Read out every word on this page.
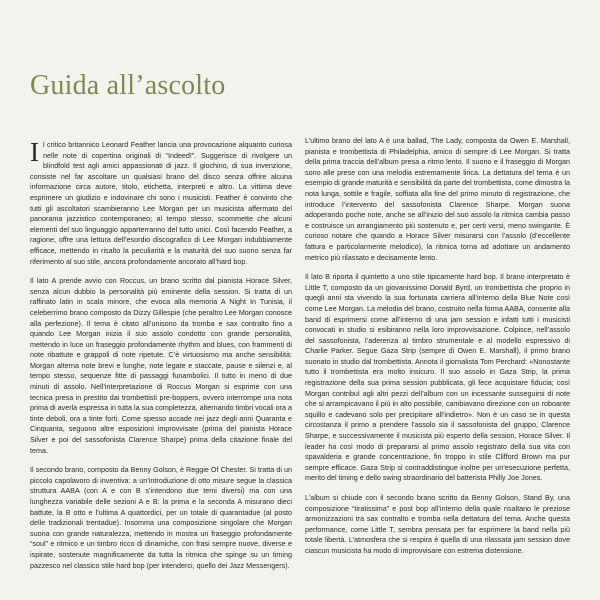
Guida all’ascolto

Il critico britannico Leonard Feather lancia una provocazione alquanto curiosa nelle note di copertina originali di “Indeed!”. Suggerisce di rivolgere un blindfold test agli amici appassionati di jazz. Il giochino, di sua invenzione, consiste nel far ascoltare un qualsiasi brano del disco senza offrire alcuna informazione circa autore, titolo, etichetta, interpreti e altro. La vittima deve esprimere un giudizio e indovinare chi sono i musicisti. Feather è convinto che tutti gli ascoltatori scambieranno Lee Morgan per un musicista affermato del panorama jazzistico contemporaneo; al tempo stesso, scommette che alcuni elementi del suo linguaggio apparterranno del tutto unici. Così facendo Feather, a ragione, offre una lettura dell’esordio discografico di Lee Morgan indubbiamente efficace, mettendo in risalto la peculiarità e la maturità del suo suono senza far riferimento al suo stile, ancora profondamente ancorato all’hard bop.

Il lato A prende avvio con Roccus, un brano scritto dal pianista Horace Silver, senza alcun dubbio la personalità più eminente della session. Si tratta di un raffinato latin in scala minore, che evoca alla memoria A Night In Tunisia, il celeberrimo brano composto da Dizzy Gillespie (che peraltro Lee Morgan conosce alla perfezione). Il tema è citato all’unisono da tromba e sax contralto fino a quando Lee Morgan inizia il suo assolo condotto con grande personalità, mettendo in luce un fraseggio profondamente rhythm and blues, con frammenti di note ribattute e grappoli di note ripetute. C’è virtuosismo ma anche sensibilità: Morgan alterna note brevi e lunghe, note legate e staccate, pause e silenzi e, al tempo stesso, sequenze fitte di passaggi funambolici. Il tutto in meno di due minuti di assolo. Nell’interpretazione di Roccus Morgan si esprime con una tecnica presa in prestito dai trombettisti pre-boppers, ovvero interrompe una nota prima di averla espressa in tutta la sua completezza, alternando timbri vocali ora a tinte deboli, ora a tinte forti. Come spesso accade nei jazz degli anni Quaranta e Cinquanta, seguono altre esposizioni improvvisate (prima del pianista Horace Silver e poi del sassofonista Clarence Sharpe) prima della citazione finale del tema.

Il secondo brano, composto da Benny Golson, è Reggie Of Chester. Si tratta di un piccolo capolavoro di inventiva: a un’introduzione di otto misure segue la classica struttura AABA (con A e con B s’intendono due temi diversi) ma con una lunghezza variabile delle sezioni A e B: la prima e la seconda A misurano dieci battute, la B otto e l’ultima A quattordici, per un totale di quarantadue (al posto delle tradizionali trentadue). Insomma una composizione singolare che Morgan suona con grande naturalezza, mettendo in mostra un fraseggio profondamente “soul” e ritmico e un timbro ricco di dinamiche, con frasi sempre nuove, diverse e ispirate, sostenute magnificamente da tutta la ritmica che spinge su un timing pazzesco nel classico stile hard bop (per intenderci, quello dei Jazz Messengers).

L’ultimo brano del lato A è una ballad, The Lady, composta da Owen E. Marshall, pianista e trombettista di Philadelphia, amico di sempre di Lee Morgan. Si tratta della prima traccia dell’album presa a ritmo lento. Il suono e il fraseggio di Morgan sono alle prese con una melodia estremamente lirica. La dettatura del tema è un esempio di grande maturità e sensibilità da parte del trombettista, come dimostra la nota lunga, sottile e fragile, soffiata alla fine del primo minuto di registrazione, che introduce l’intervento del sassofonista Clarence Sharpe. Morgan suona adoperando poche note, anche se all’inizio del suo assolo la ritmica cambia passo e costruisce un arrangiamento più sostenuto e, per certi versi, meno swingante. È curioso notare che quando a Horace Silver misurarsi con l’assolo (d’eccellente fattura e particolarmente melodico), la ritmica torna ad adottare un andamento metrico più rilassato e decisamente lento.

Il lato B riporta il quintetto a uno stile tipicamente hard bop. Il brano interpretato è Little T, composto da un giovanissimo Donald Byrd, un trombettista che proprio in quegli anni sta vivendo la sua fortunata carriera all’interno della Blue Note così come Lee Morgan. La melodia del brano, costruito nella forma AABA, consente alla band di esprimersi come all’interno di una jam session e infatti tutti i musicisti convocati in studio si esibiranno nella loro improvvisazione. Colpisce, nell’assolo del sassofonista, l’aderenza al timbro strumentale e al modello espressivo di Charlie Parker. Segue Gaza Strip (sempre di Owen E. Marshall), il primo brano suonato in studio dal trombettista. Annota il giornalista Tom Perchard: «Nonostante tutto il trombettista era molto insicuro. Il suo assolo in Gaza Strip, la prima registrazione della sua prima session pubblicata, gli fece acquistare fiducia; così Morgan contribuì agli altri pezzi dell’album con un incessante susseguirsi di note che si arrampicavano il più in alto possibile, cambiavano direzione con un roboante squillo e cadevano solo per precipitare all’indietro». Non è un caso se in questa circostanza il primo a prendere l’assolo sia il sassofonista del gruppo, Clarence Sharpe, e successivamente il musicista più esperto della session, Horace Silver. Il leader ha così modo di prepararsi al primo assolo registrato della sua vita con spavalderia e grande concentrazione, fin troppo in stile Clifford Brown ma pur sempre efficace. Gaza Strip si contraddistingue inoltre per un’esecuzione perfetta, merito del timing e dello swing straordinario del batterista Philly Joe Jones.

L’album si chiude con il secondo brano scritto da Benny Golson, Stand By, una composizione “tiratissima” e post bop all’interno della quale risaltano le preziose armonizzazioni tra sax contralto e tromba nella dettatura del tema. Anche questa performance, come Little T, sembra pensata per far esprimere la band nella più totale libertà. L’atmosfera che si respira è quella di una rilassata jam session dove ciascun musicista ha modo di improvvisare con estrema distensione.
